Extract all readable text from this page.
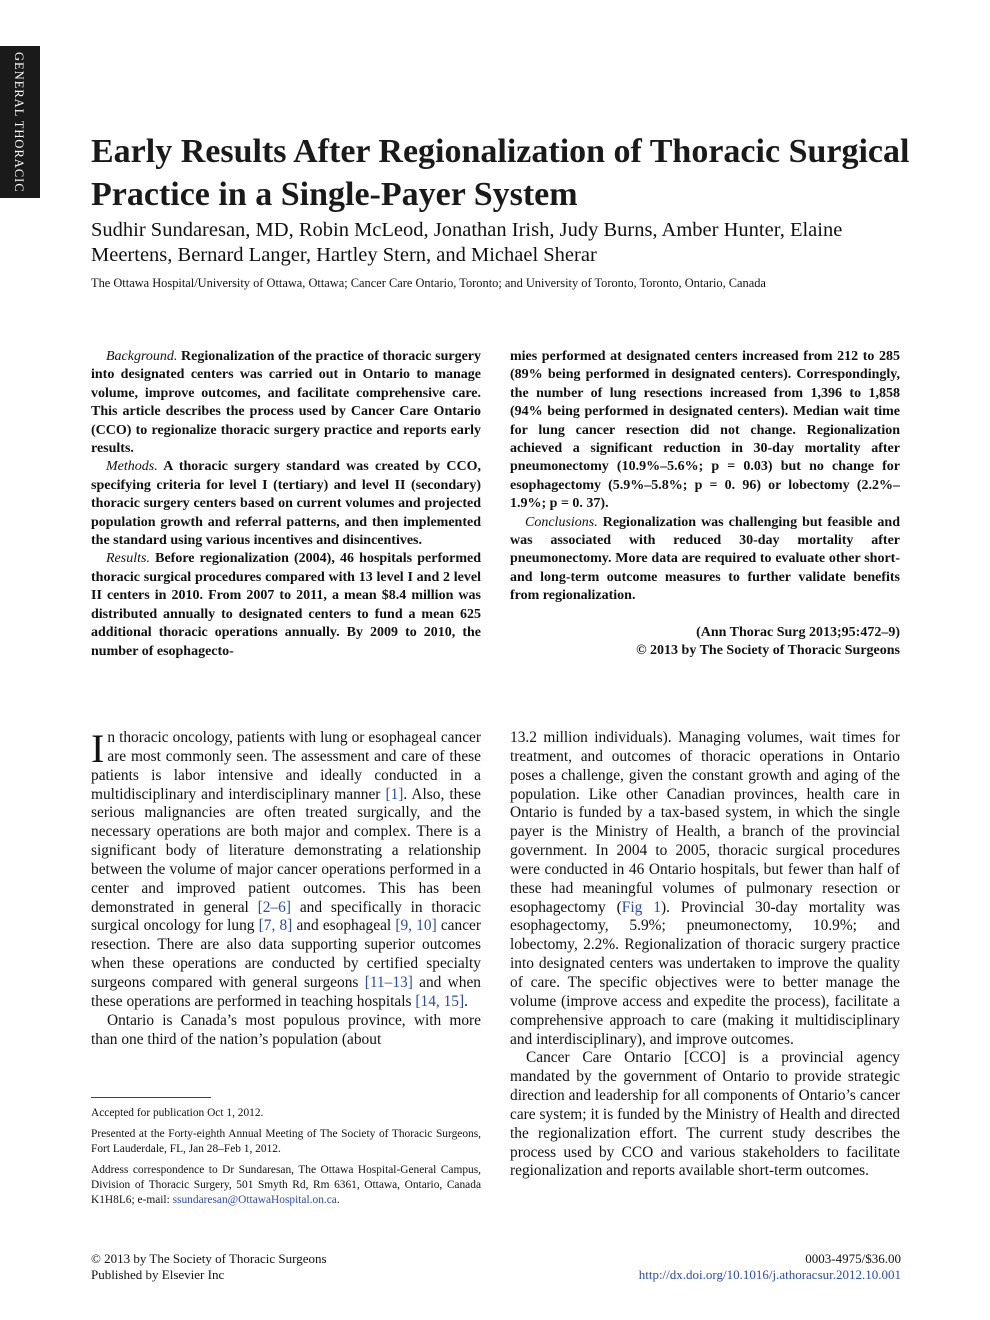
GENERAL THORACIC Early Results After Regionalization of Thoracic Surgical Practice in a Single-Payer System
Sudhir Sundaresan, MD, Robin McLeod, Jonathan Irish, Judy Burns, Amber Hunter, Elaine Meertens, Bernard Langer, Hartley Stern, and Michael Sherar
The Ottawa Hospital/University of Ottawa, Ottawa; Cancer Care Ontario, Toronto; and University of Toronto, Toronto, Ontario, Canada

Background. Regionalization of the practice of thoracic surgery into designated centers was carried out in Ontario to manage volume, improve outcomes, and facilitate comprehensive care. This article describes the process used by Cancer Care Ontario (CCO) to regionalize thoracic surgery practice and reports early results.

Methods. A thoracic surgery standard was created by CCO, specifying criteria for level I (tertiary) and level II (secondary) thoracic surgery centers based on current volumes and projected population growth and referral patterns, and then implemented the standard using various incentives and disincentives.

Results. Before regionalization (2004), 46 hospitals performed thoracic surgical procedures compared with 13 level I and 2 level II centers in 2010. From 2007 to 2011, a mean $8.4 million was distributed annually to designated centers to fund a mean 625 additional thoracic operations annually. By 2009 to 2010, the number of esophagecto-

mies performed at designated centers increased from 212 to 285 (89% being performed in designated centers). Correspondingly, the number of lung resections increased from 1,396 to 1,858 (94% being performed in designated centers). Median wait time for lung cancer resection did not change. Regionalization achieved a significant reduction in 30-day mortality after pneumonectomy (10.9%–5.6%; p = 0.03) but no change for esophagectomy (5.9%–5.8%; p = 0. 96) or lobectomy (2.2%–1.9%; p = 0. 37).

Conclusions. Regionalization was challenging but feasible and was associated with reduced 30-day mortality after pneumonectomy. More data are required to evaluate other short- and long-term outcome measures to further validate benefits from regionalization.

(Ann Thorac Surg 2013;95:472–9)
© 2013 by The Society of Thoracic Surgeons

In thoracic oncology, patients with lung or esophageal cancer are most commonly seen. The assessment and care of these patients is labor intensive and ideally conducted in a multidisciplinary and interdisciplinary manner [1]. Also, these serious malignancies are often treated surgically, and the necessary operations are both major and complex. There is a significant body of literature demonstrating a relationship between the volume of major cancer operations performed in a center and improved patient outcomes. This has been demonstrated in general [2–6] and specifically in thoracic surgical oncology for lung [7, 8] and esophageal [9, 10] cancer resection. There are also data supporting superior outcomes when these operations are conducted by certified specialty surgeons compared with general surgeons [11–13] and when these operations are performed in teaching hospitals [14, 15].

Ontario is Canada’s most populous province, with more than one third of the nation’s population (about

13.2 million individuals). Managing volumes, wait times for treatment, and outcomes of thoracic operations in Ontario poses a challenge, given the constant growth and aging of the population. Like other Canadian provinces, health care in Ontario is funded by a tax-based system, in which the single payer is the Ministry of Health, a branch of the provincial government. In 2004 to 2005, thoracic surgical procedures were conducted in 46 Ontario hospitals, but fewer than half of these had meaningful volumes of pulmonary resection or esophagectomy (Fig 1). Provincial 30-day mortality was esophagectomy, 5.9%; pneumonectomy, 10.9%; and lobectomy, 2.2%. Regionalization of thoracic surgery practice into designated centers was undertaken to improve the quality of care. The specific objectives were to better manage the volume (improve access and expedite the process), facilitate a comprehensive approach to care (making it multidisciplinary and interdisciplinary), and improve outcomes.

Cancer Care Ontario [CCO] is a provincial agency mandated by the government of Ontario to provide strategic direction and leadership for all components of Ontario’s cancer care system; it is funded by the Ministry of Health and directed the regionalization effort. The current study describes the process used by CCO and various stakeholders to facilitate regionalization and reports available short-term outcomes.

Accepted for publication Oct 1, 2012.

Presented at the Forty-eighth Annual Meeting of The Society of Thoracic Surgeons, Fort Lauderdale, FL, Jan 28–Feb 1, 2012.

Address correspondence to Dr Sundaresan, The Ottawa Hospital-General Campus, Division of Thoracic Surgery, 501 Smyth Rd, Rm 6361, Ottawa, Ontario, Canada K1H8L6; e-mail: ssundaresan@OttawaHospital.on.ca.

© 2013 by The Society of Thoracic Surgeons
Published by Elsevier Inc
0003-4975/$36.00
http://dx.doi.org/10.1016/j.athoracsur.2012.10.001
